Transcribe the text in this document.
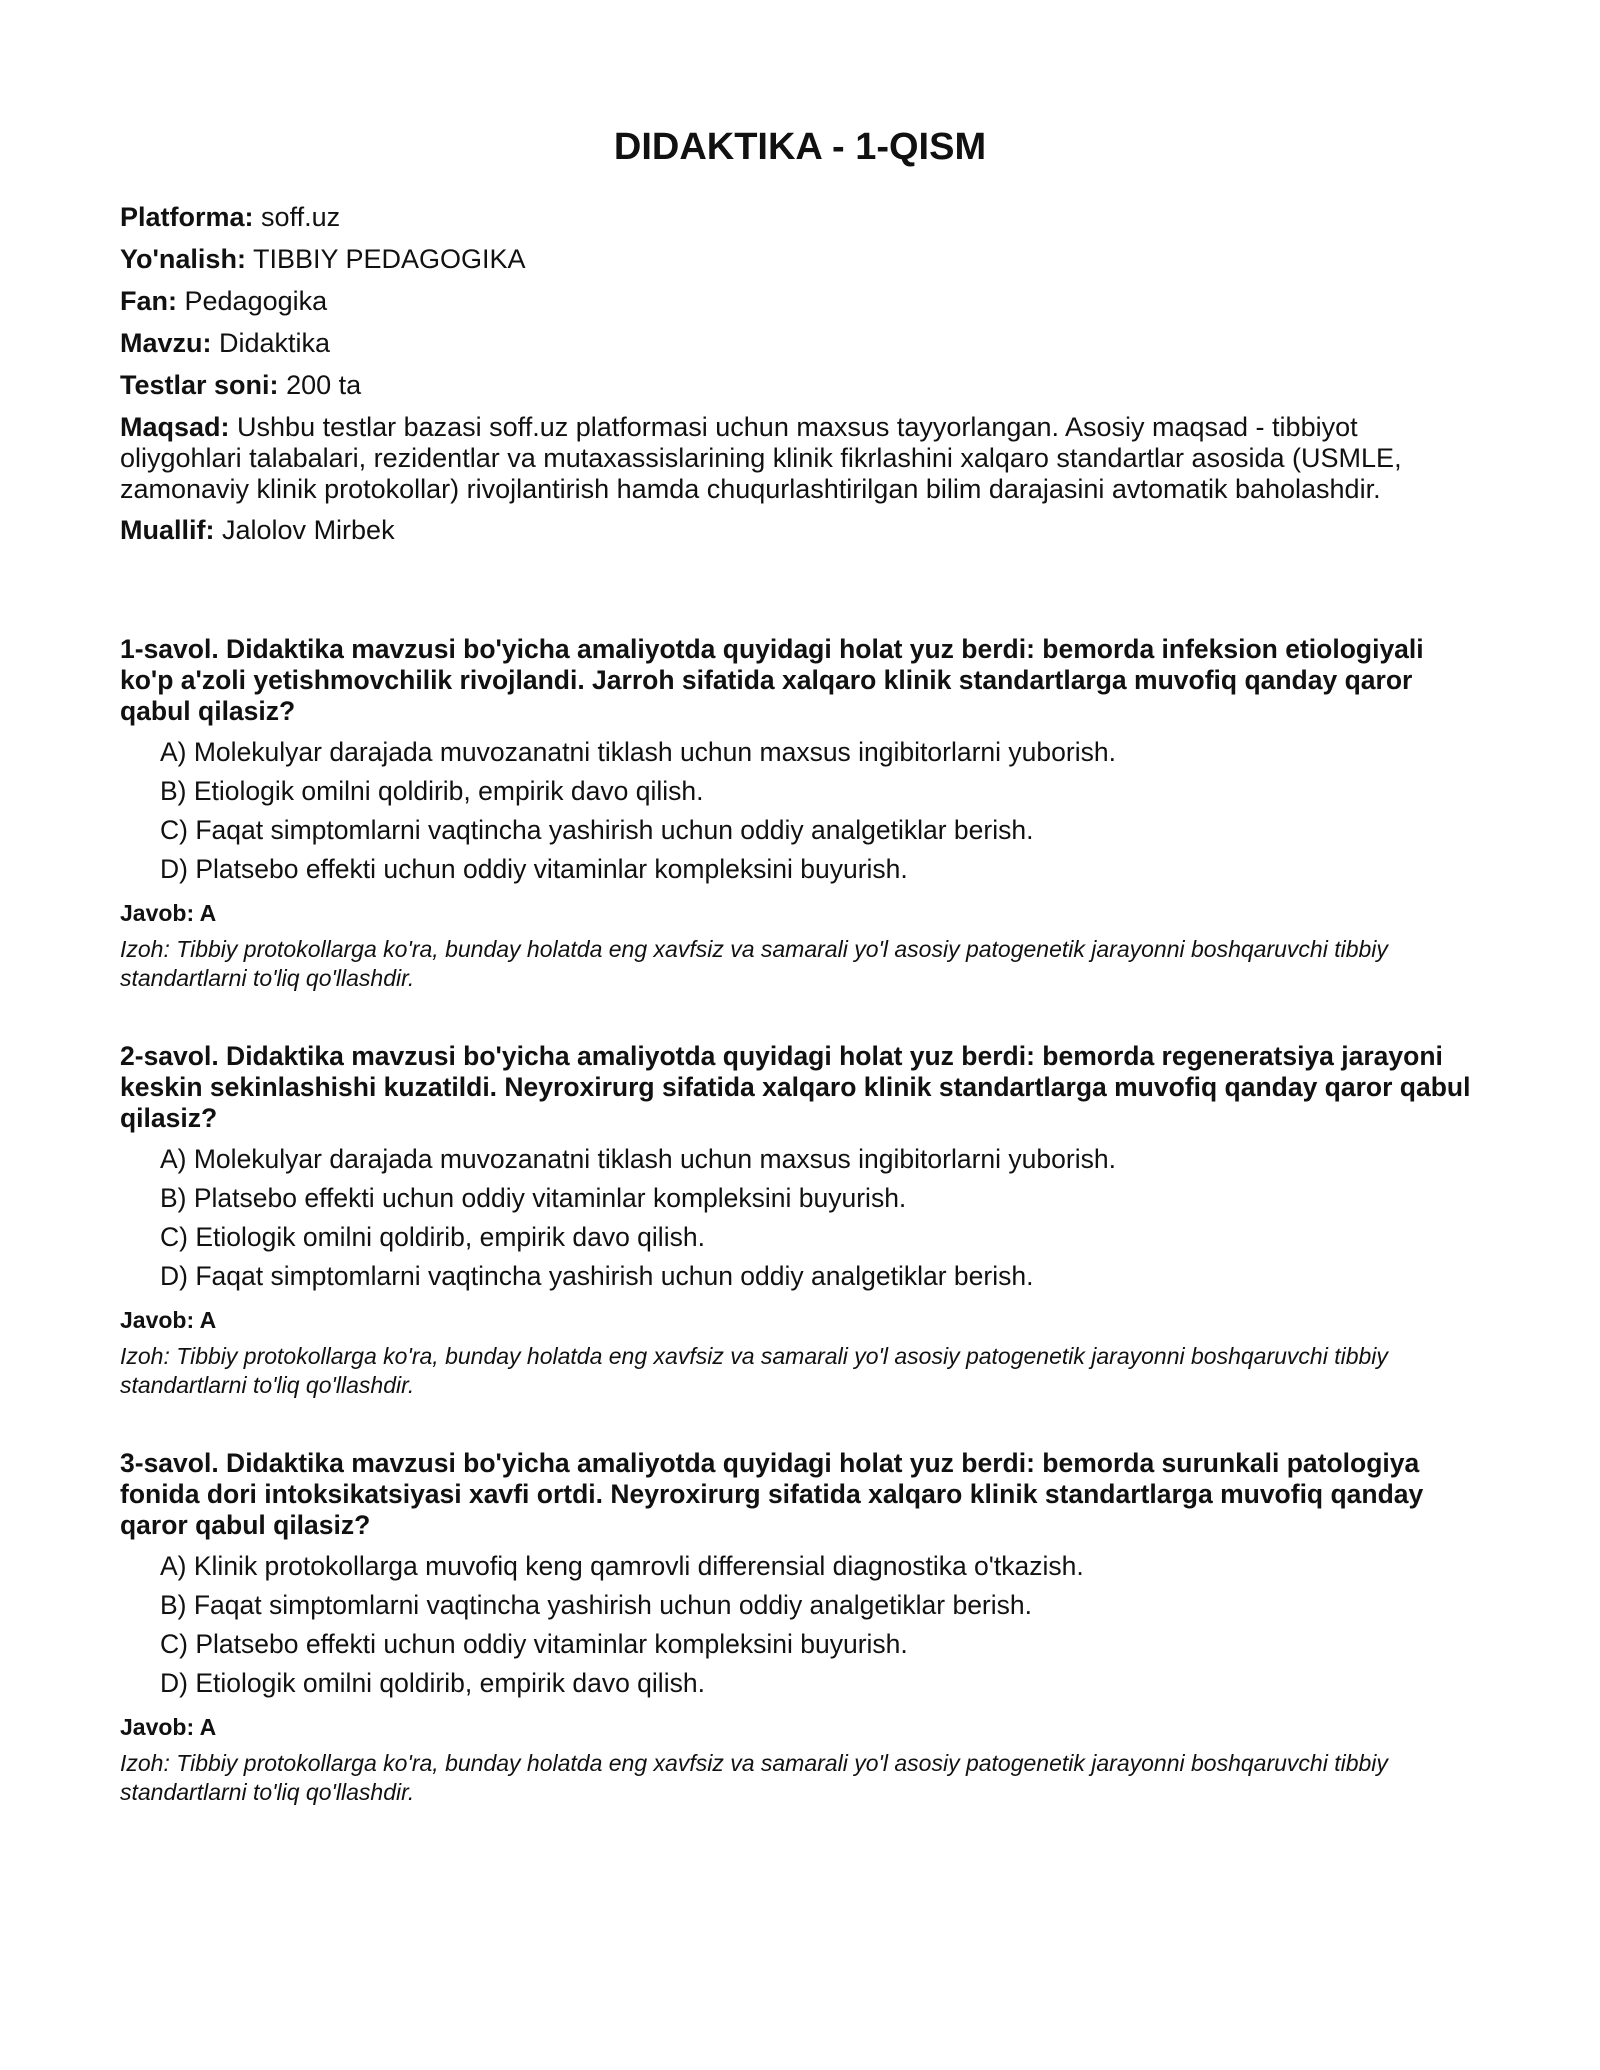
DIDAKTIKA - 1-QISM
Platforma: soff.uz
Yo'nalish: TIBBIY PEDAGOGIKA
Fan: Pedagogika
Mavzu: Didaktika
Testlar soni: 200 ta
Maqsad: Ushbu testlar bazasi soff.uz platformasi uchun maxsus tayyorlangan. Asosiy maqsad - tibbiyot oliygohlari talabalari, rezidentlar va mutaxassislarining klinik fikrlashini xalqaro standartlar asosida (USMLE, zamonaviy klinik protokollar) rivojlantirish hamda chuqurlashtirilgan bilim darajasini avtomatik baholashdir.
Muallif: Jalolov Mirbek

1-savol. Didaktika mavzusi bo'yicha amaliyotda quyidagi holat yuz berdi: bemorda infeksion etiologiyali ko'p a'zoli yetishmovchilik rivojlandi. Jarroh sifatida xalqaro klinik standartlarga muvofiq qanday qaror qabul qilasiz?

A) Molekulyar darajada muvozanatni tiklash uchun maxsus ingibitorlarni yuborish.
B) Etiologik omilni qoldirib, empirik davo qilish.
C) Faqat simptomlarni vaqtincha yashirish uchun oddiy analgetiklar berish.
D) Platsebo effekti uchun oddiy vitaminlar kompleksini buyurish.
Javob: A
Izoh: Tibbiy protokollarga ko'ra, bunday holatda eng xavfsiz va samarali yo'l asosiy patogenetik jarayonni boshqaruvchi tibbiy standartlarni to'liq qo'llashdir.

2-savol. Didaktika mavzusi bo'yicha amaliyotda quyidagi holat yuz berdi: bemorda regeneratsiya jarayoni keskin sekinlashishi kuzatildi. Neyroxirurg sifatida xalqaro klinik standartlarga muvofiq qanday qaror qabul qilasiz?

A) Molekulyar darajada muvozanatni tiklash uchun maxsus ingibitorlarni yuborish.
B) Platsebo effekti uchun oddiy vitaminlar kompleksini buyurish.
C) Etiologik omilni qoldirib, empirik davo qilish.
D) Faqat simptomlarni vaqtincha yashirish uchun oddiy analgetiklar berish.
Javob: A
Izoh: Tibbiy protokollarga ko'ra, bunday holatda eng xavfsiz va samarali yo'l asosiy patogenetik jarayonni boshqaruvchi tibbiy standartlarni to'liq qo'llashdir.

3-savol. Didaktika mavzusi bo'yicha amaliyotda quyidagi holat yuz berdi: bemorda surunkali patologiya fonida dori intoksikatsiyasi xavfi ortdi. Neyroxirurg sifatida xalqaro klinik standartlarga muvofiq qanday qaror qabul qilasiz?

A) Klinik protokollarga muvofiq keng qamrovli differensial diagnostika o'tkazish.
B) Faqat simptomlarni vaqtincha yashirish uchun oddiy analgetiklar berish.
C) Platsebo effekti uchun oddiy vitaminlar kompleksini buyurish.
D) Etiologik omilni qoldirib, empirik davo qilish.
Javob: A
Izoh: Tibbiy protokollarga ko'ra, bunday holatda eng xavfsiz va samarali yo'l asosiy patogenetik jarayonni boshqaruvchi tibbiy standartlarni to'liq qo'llashdir.
